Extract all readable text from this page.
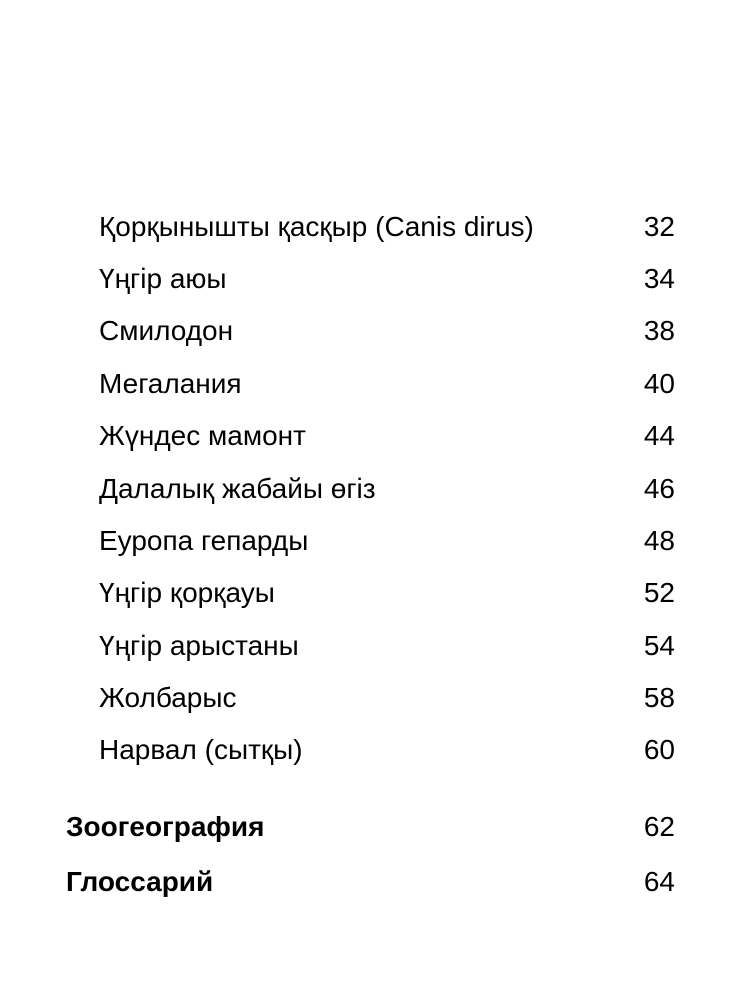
Қорқынышты қасқыр (Canis dirus)	32
Үңгір аюы	34
Смилодон	38
Мегалания	40
Жүндес мамонт	44
Далалық жабайы өгіз	46
Еуропа гепарды	48
Үңгір қорқауы	52
Үңгір арыстаны	54
Жолбарыс	58
Нарвал (сытқы)	60
Зоогеография	62
Глоссарий	64
